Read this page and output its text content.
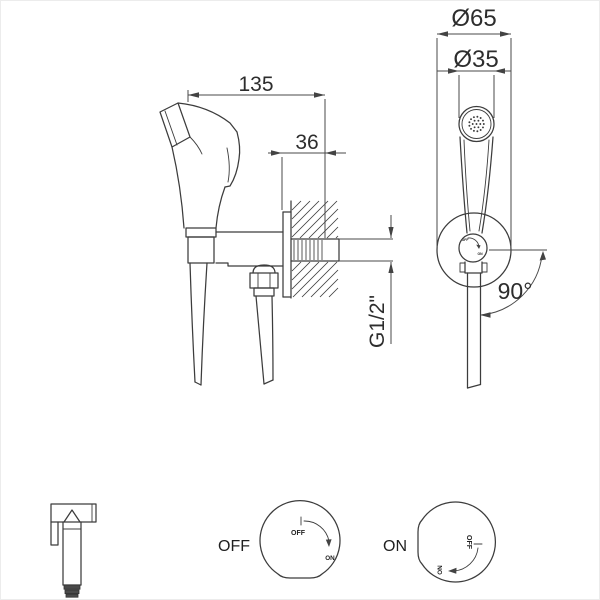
135
36
G1/2"
OFF
ON
Ø65
Ø35
90°
OFF
OFF
ON
ON	OFF
ON
